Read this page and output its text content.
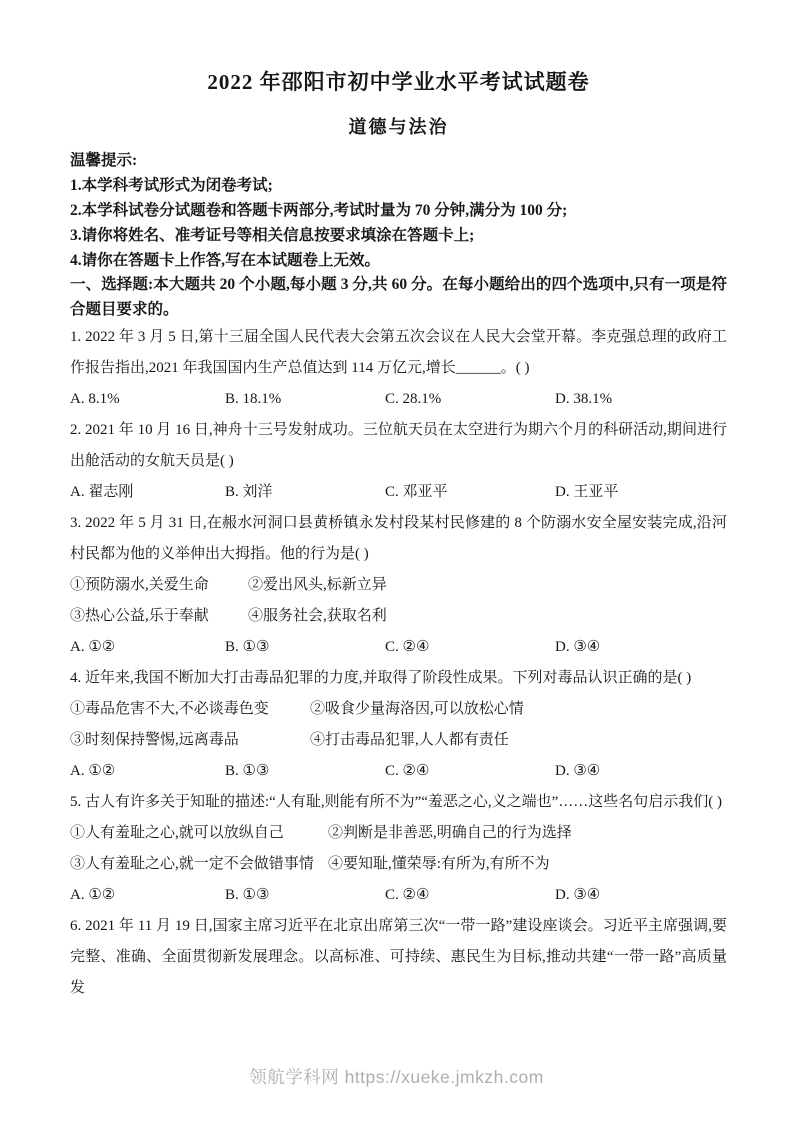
2022 年邵阳市初中学业水平考试试题卷
道德与法治
温馨提示:
1.本学科考试形式为闭卷考试;
2.本学科试卷分试题卷和答题卡两部分,考试时量为 70 分钟,满分为 100 分;
3.请你将姓名、准考证号等相关信息按要求填涂在答题卡上;
4.请你在答题卡上作答,写在本试题卷上无效。
一、选择题:本大题共 20 个小题,每小题 3 分,共 60 分。在每小题给出的四个选项中,只有一项是符合题目要求的。
1. 2022 年 3 月 5 日,第十三届全国人民代表大会第五次会议在人民大会堂开幕。李克强总理的政府工作报告指出,2021 年我国国内生产总值达到 114 万亿元,增长______。( )
A. 8.1%	B. 18.1%	C. 28.1%	D. 38.1%
2. 2021 年 10 月 16 日,神舟十三号发射成功。三位航天员在太空进行为期六个月的科研活动,期间进行出舱活动的女航天员是( )
A. 翟志刚	B. 刘洋	C. 邓亚平	D. 王亚平
3. 2022 年 5 月 31 日,在赧水河洞口县黄桥镇永发村段某村民修建的 8 个防溺水安全屋安装完成,沿河村民都为他的义举伸出大拇指。他的行为是( )
①预防溺水,关爱生命	②爱出风头,标新立异
③热心公益,乐于奉献	④服务社会,获取名利
A. ①②	B. ①③	C. ②④	D. ③④
4. 近年来,我国不断加大打击毒品犯罪的力度,并取得了阶段性成果。下列对毒品认识正确的是( )
①毒品危害不大,不必谈毒色变	②吸食少量海洛因,可以放松心情
③时刻保持警惕,远离毒品	④打击毒品犯罪,人人都有责任
A. ①②	B. ①③	C. ②④	D. ③④
5. 古人有许多关于知耻的描述:“人有耻,则能有所不为”“羞恶之心,义之端也”……这些名句启示我们( )
①人有羞耻之心,就可以放纵自己	②判断是非善恶,明确自己的行为选择
③人有羞耻之心,就一定不会做错事情 ④要知耻,懂荣辱:有所为,有所不为
A. ①②	B. ①③	C. ②④	D. ③④
6. 2021 年 11 月 19 日,国家主席习近平在北京出席第三次“一带一路”建设座谈会。习近平主席强调,要完整、准确、全面贯彻新发展理念。以高标准、可持续、惠民生为目标,推动共建“一带一路”高质量发
领航学科网 https://xueke.jmkzh.com
